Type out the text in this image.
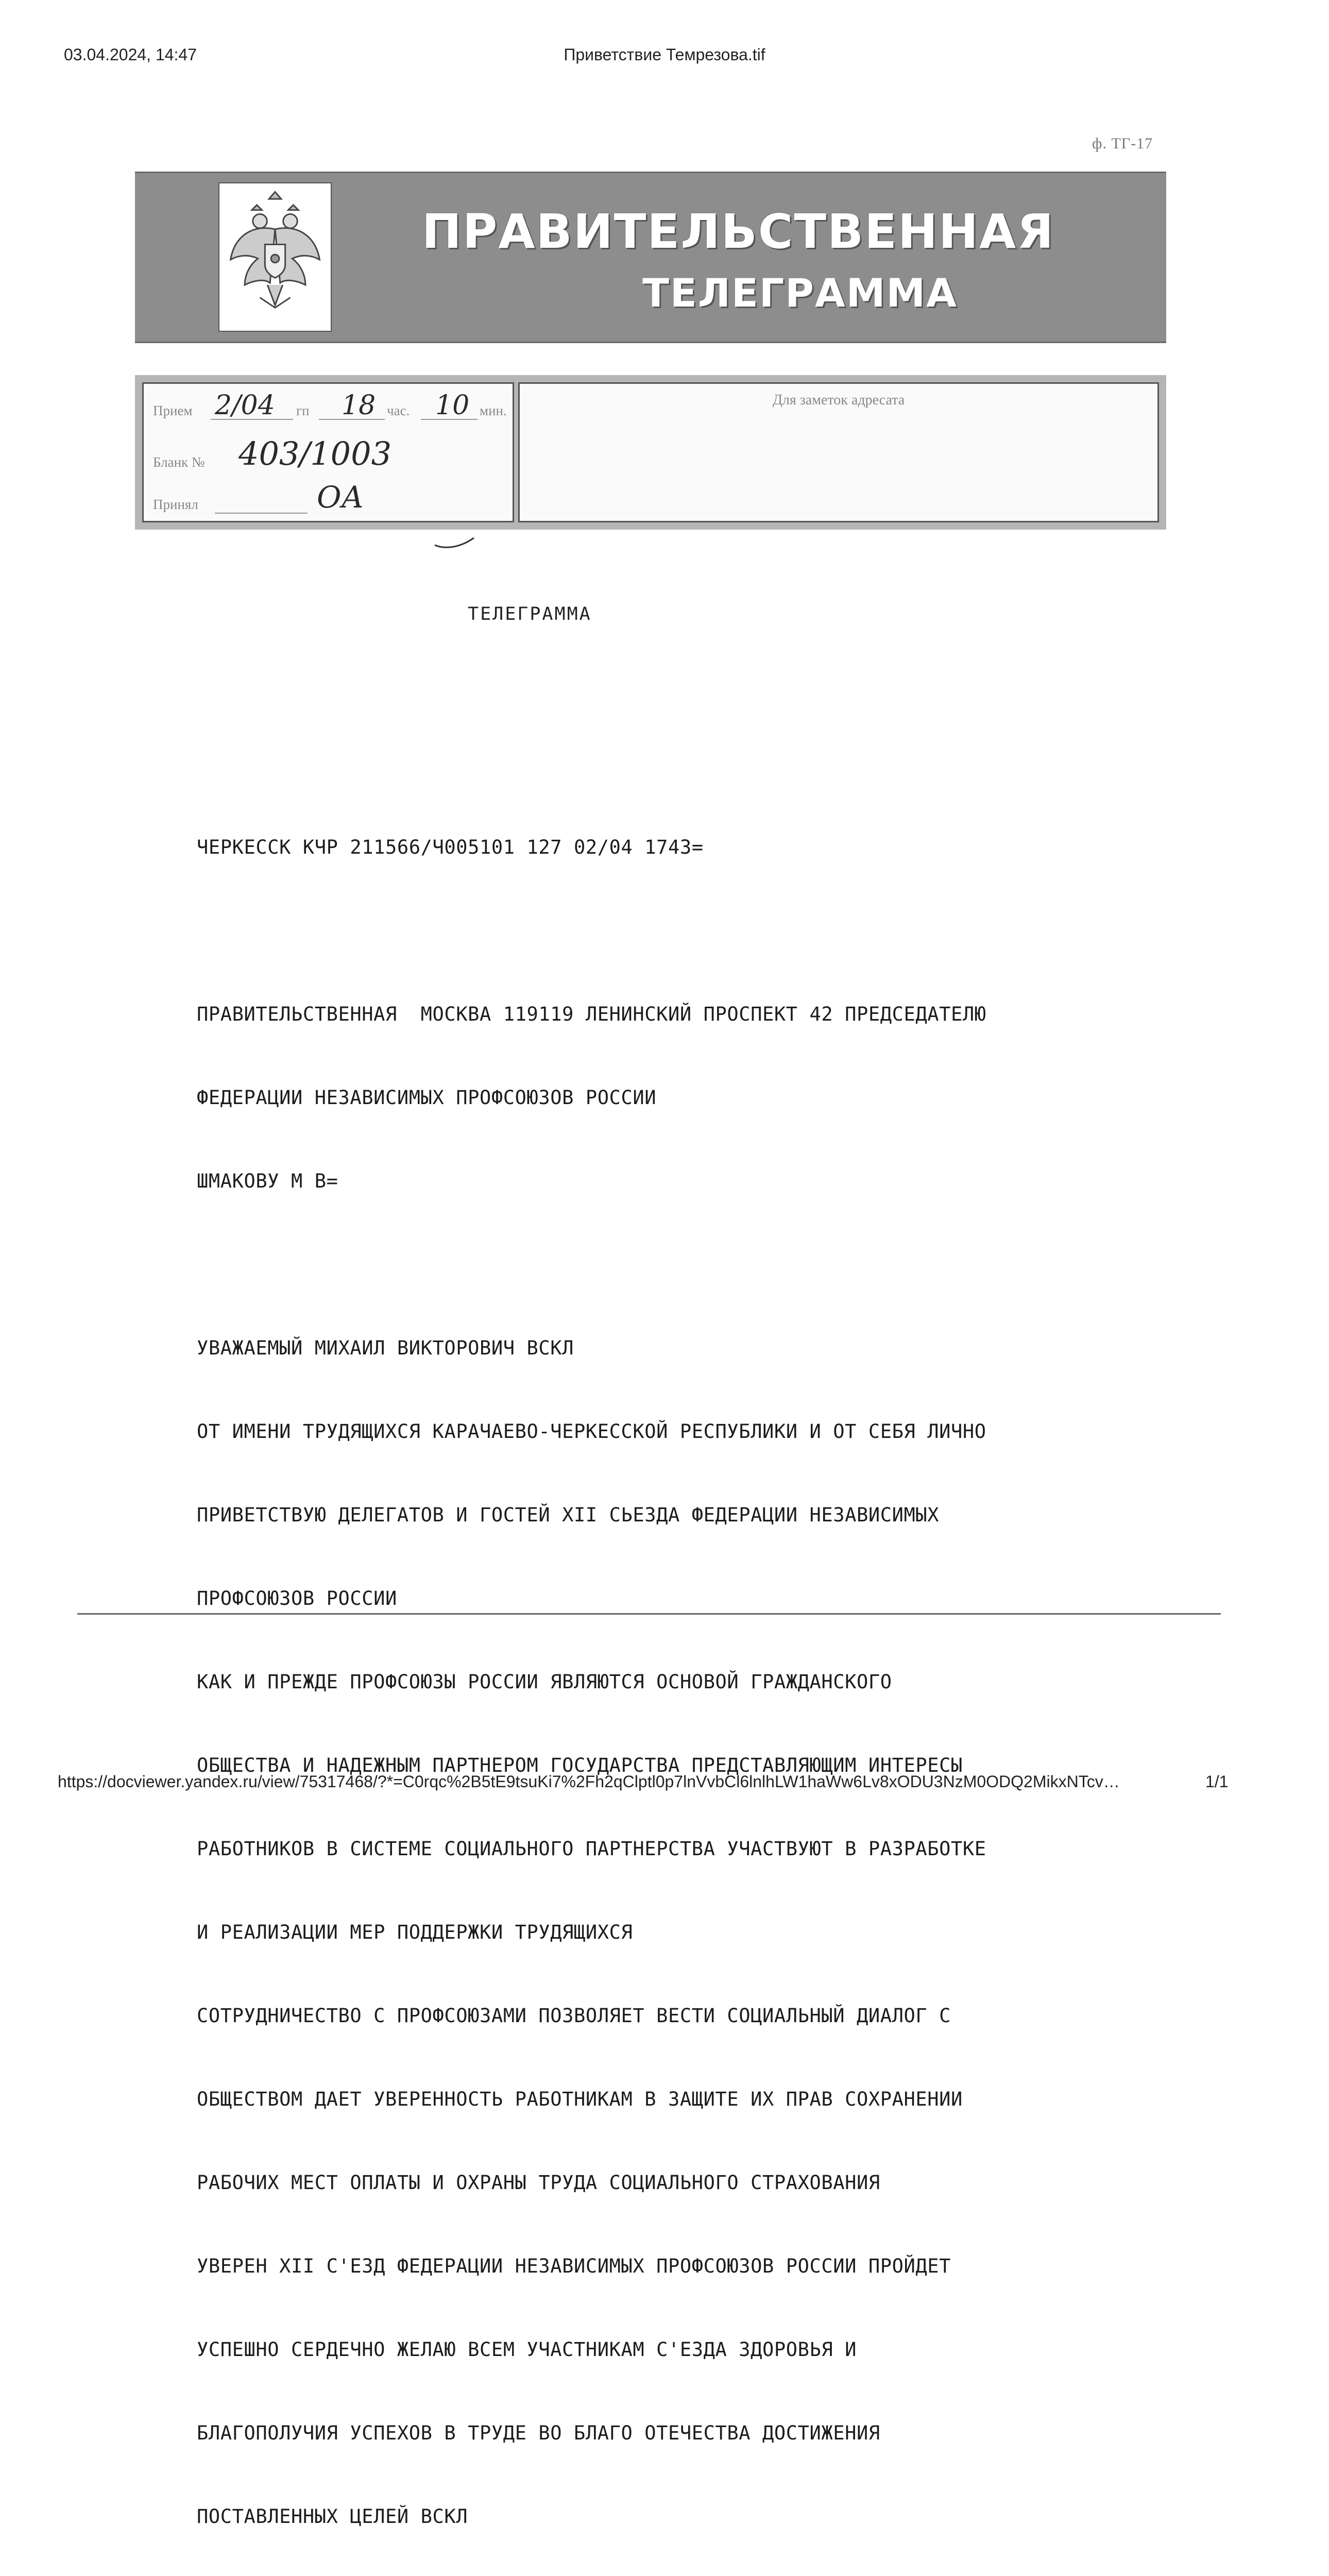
03.04.2024, 14:47	Приветствие Темрезова.tif
ф. ТГ-17
ПРАВИТЕЛЬСТВЕННАЯ
ТЕЛЕГРАММА
Прием 2/04 гп 18 час. 10 мин.
Бланк № 403/1003
Принял	ОА
Для заметок адресата
ТЕЛЕГРАММА

ЧЕРКЕССК КЧР 211566/Ч005101 127 02/04 1743=

ПРАВИТЕЛЬСТВЕННАЯ  МОСКВА 119119 ЛЕНИНСКИЙ ПРОСПЕКТ 42 ПРЕДСЕДАТЕЛЮ

ФЕДЕРАЦИИ НЕЗАВИСИМЫХ ПРОФСОЮЗОВ РОССИИ

ШМАКОВУ М В=

УВАЖАЕМЫЙ МИХАИЛ ВИКТОРОВИЧ ВСКЛ

ОТ ИМЕНИ ТРУДЯЩИХСЯ КАРАЧАЕВО-ЧЕРКЕССКОЙ РЕСПУБЛИКИ И ОТ СЕБЯ ЛИЧНО

ПРИВЕТСТВУЮ ДЕЛЕГАТОВ И ГОСТЕЙ XII СЬЕЗДА ФЕДЕРАЦИИ НЕЗАВИСИМЫХ

ПРОФСОЮЗОВ РОССИИ

КАК И ПРЕЖДЕ ПРОФСОЮЗЫ РОССИИ ЯВЛЯЮТСЯ ОСНОВОЙ ГРАЖДАНСКОГО

ОБЩЕСТВА И НАДЕЖНЫМ ПАРТНЕРОМ ГОСУДАРСТВА ПРЕДСТАВЛЯЮЩИМ ИНТЕРЕСЫ

РАБОТНИКОВ В СИСТЕМЕ СОЦИАЛЬНОГО ПАРТНЕРСТВА УЧАСТВУЮТ В РАЗРАБОТКЕ

И РЕАЛИЗАЦИИ МЕР ПОДДЕРЖКИ ТРУДЯЩИХСЯ

СОТРУДНИЧЕСТВО С ПРОФСОЮЗАМИ ПОЗВОЛЯЕТ ВЕСТИ СОЦИАЛЬНЫЙ ДИАЛОГ С

ОБЩЕСТВОМ ДАЕТ УВЕРЕННОСТЬ РАБОТНИКАМ В ЗАЩИТЕ ИХ ПРАВ СОХРАНЕНИИ

РАБОЧИХ МЕСТ ОПЛАТЫ И ОХРАНЫ ТРУДА СОЦИАЛЬНОГО СТРАХОВАНИЯ

УВЕРЕН XII С'ЕЗД ФЕДЕРАЦИИ НЕЗАВИСИМЫХ ПРОФСОЮЗОВ РОССИИ ПРОЙДЕТ

УСПЕШНО СЕРДЕЧНО ЖЕЛАЮ ВСЕМ УЧАСТНИКАМ С'ЕЗДА ЗДОРОВЬЯ И

БЛАГОПОЛУЧИЯ УСПЕХОВ В ТРУДЕ ВО БЛАГО ОТЕЧЕСТВА ДОСТИЖЕНИЯ

ПОСТАВЛЕННЫХ ЦЕЛЕЙ ВСКЛ

https://docviewer.yandex.ru/view/75317468/?*=C0rqc%2B5tE9tsuKi7%2Fh2qClptl0p7lnVvbCl6lnlhLW1haWw6Lv8xODU3NzM0ODQ2MikxNTcv…	1/1
